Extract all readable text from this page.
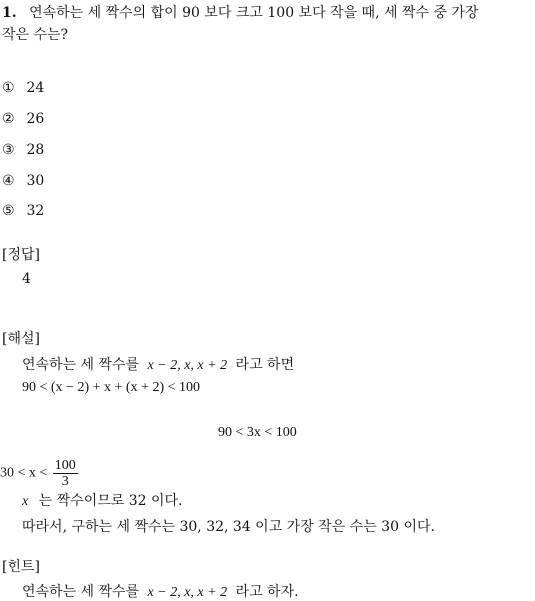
1. 연속하는 세 짝수의 합이 90 보다 크고 100 보다 작을 때, 세 짝수 중 가장
작은 수는?
① 24
② 26
③ 28
④ 30
⑤ 32
[정답]
4
[해설]
연속하는 세 짝수를 x − 2, x, x + 2 라고 하면
90 < (x − 2) + x + (x + 2) < 100
90 < 3x < 100
$30 < x < \frac{100}{3}$
x 는 짝수이므로 32 이다.
따라서, 구하는 세 짝수는 30, 32, 34 이고 가장 작은 수는 30 이다.
[힌트]
연속하는 세 짝수를 x − 2, x, x + 2 라고 하자.
